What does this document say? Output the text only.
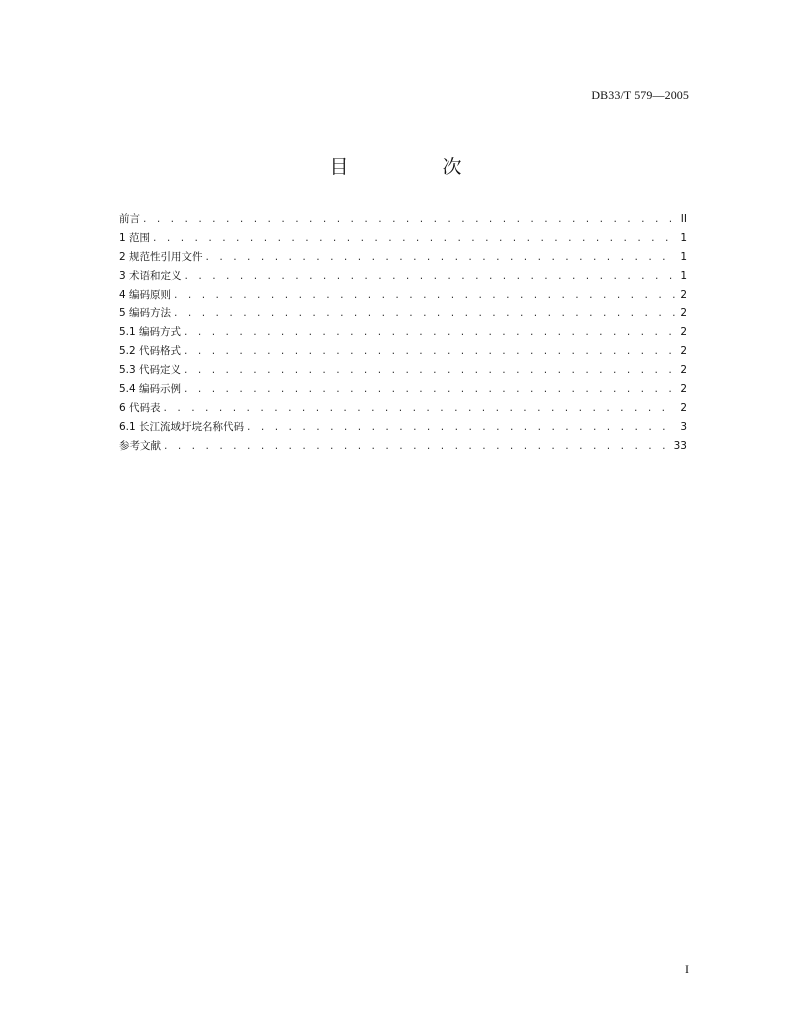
DB33/T 579—2005
目 次
前言 . . .	II
1 范围 . . .	1
2 规范性引用文件 . . .	1
3 术语和定义 . . .	1
4 编码原则 . . .	2
5 编码方法 . . .	2
5.1 编码方式 . . .	2
5.2 代码格式 . . .	2
5.3 代码定义 . . .	2
5.4 编码示例 . . .	2
6 代码表 . . .	2
6.1 长江流域圩垸名称代码 . . .	3
参考文献 . . .	33
I
